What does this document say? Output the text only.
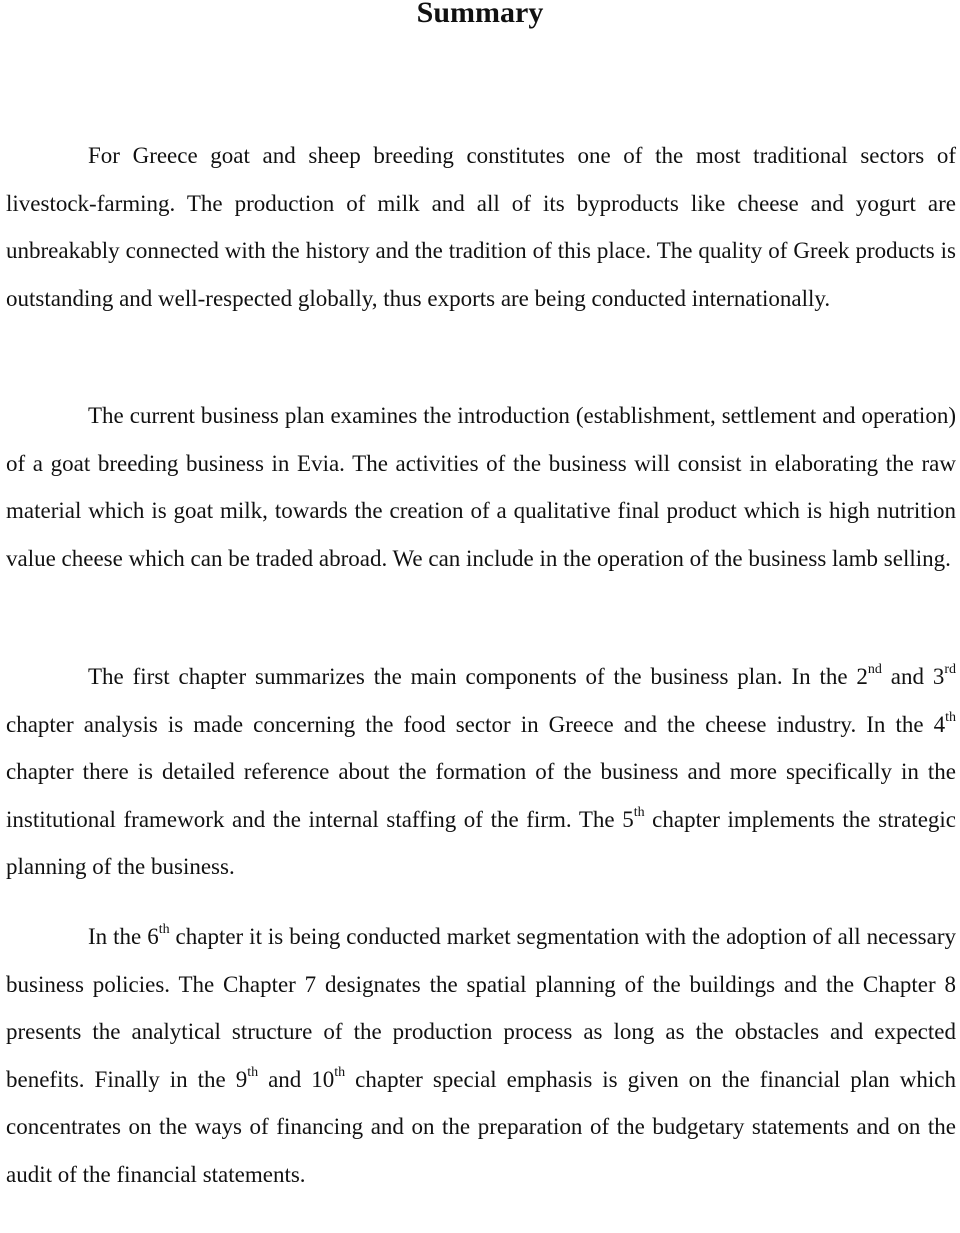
Summary

For Greece goat and sheep breeding constitutes one of the most traditional sectors of livestock-farming. The production of milk and all of its byproducts like cheese and yogurt are unbreakably connected with the history and the tradition of this place. The quality of Greek products is outstanding and well-respected globally, thus exports are being conducted internationally.

The current business plan examines the introduction (establishment, settlement and operation) of a goat breeding business in Evia. The activities of the business will consist in elaborating the raw material which is goat milk, towards the creation of a qualitative final product which is high nutrition value cheese which can be traded abroad. We can include in the operation of the business lamb selling.

The first chapter summarizes the main components of the business plan. In the 2nd and 3rd chapter analysis is made concerning the food sector in Greece and the cheese industry. In the 4th chapter there is detailed reference about the formation of the business and more specifically in the institutional framework and the internal staffing of the firm. The 5th chapter implements the strategic planning of the business.

In the 6th chapter it is being conducted market segmentation with the adoption of all necessary business policies. The Chapter 7 designates the spatial planning of the buildings and the Chapter 8 presents the analytical structure of the production process as long as the obstacles and expected benefits. Finally in the 9th and 10th chapter special emphasis is given on the financial plan which concentrates on the ways of financing and on the preparation of the budgetary statements and on the audit of the financial statements.
